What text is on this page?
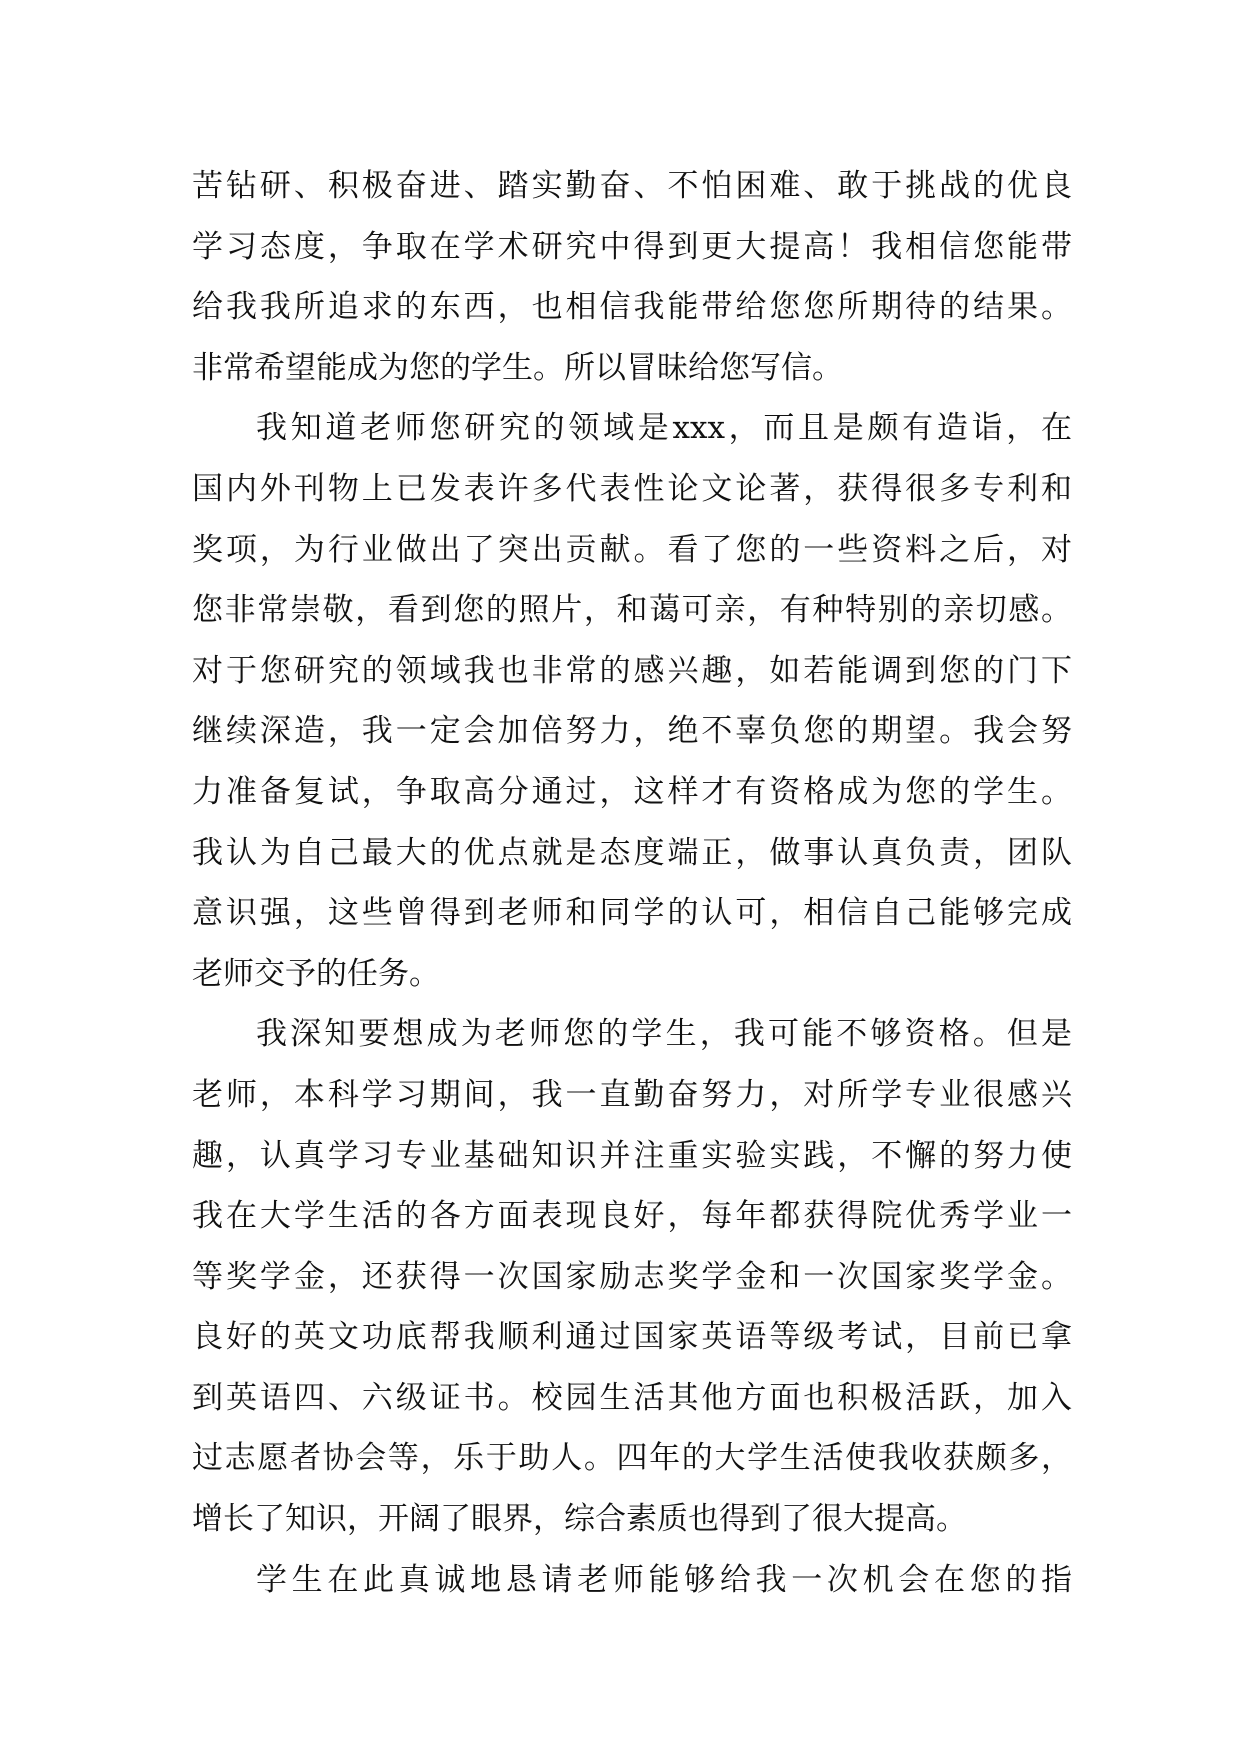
苦钻研、积极奋进、踏实勤奋、不怕困难、敢于挑战的优良
学习态度，争取在学术研究中得到更大提高！我相信您能带
给我我所追求的东西，也相信我能带给您您所期待的结果。
非常希望能成为您的学生。所以冒昧给您写信。
我知道老师您研究的领域是xxx，而且是颇有造诣，在
国内外刊物上已发表许多代表性论文论著，获得很多专利和
奖项，为行业做出了突出贡献。看了您的一些资料之后，对
您非常崇敬，看到您的照片，和蔼可亲，有种特别的亲切感。
对于您研究的领域我也非常的感兴趣，如若能调到您的门下
继续深造，我一定会加倍努力，绝不辜负您的期望。我会努
力准备复试，争取高分通过，这样才有资格成为您的学生。
我认为自己最大的优点就是态度端正，做事认真负责，团队
意识强，这些曾得到老师和同学的认可，相信自己能够完成
老师交予的任务。
我深知要想成为老师您的学生，我可能不够资格。但是
老师，本科学习期间，我一直勤奋努力，对所学专业很感兴
趣，认真学习专业基础知识并注重实验实践，不懈的努力使
我在大学生活的各方面表现良好，每年都获得院优秀学业一
等奖学金，还获得一次国家励志奖学金和一次国家奖学金。
良好的英文功底帮我顺利通过国家英语等级考试，目前已拿
到英语四、六级证书。校园生活其他方面也积极活跃，加入
过志愿者协会等，乐于助人。四年的大学生活使我收获颇多，
增长了知识，开阔了眼界，综合素质也得到了很大提高。
学生在此真诚地恳请老师能够给我一次机会在您的指
